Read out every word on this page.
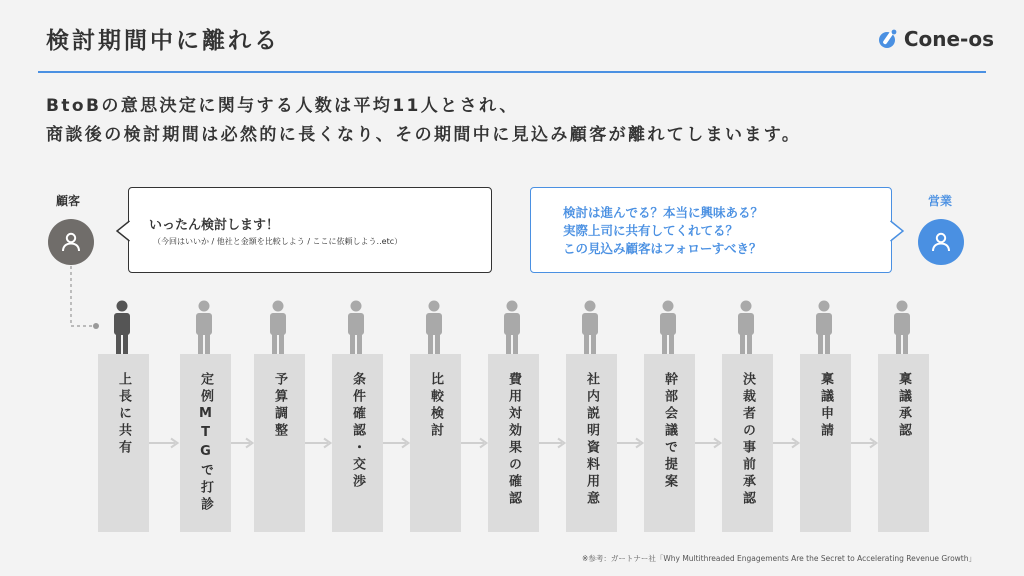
検討期間中に離れる	Cone-os
BtoBの意思決定に関与する人数は平均11人とされ、
商談後の検討期間は必然的に長くなり、その期間中に見込み顧客が離れてしまいます。
顧客
いったん検討します！
（今回はいいか / 他社と金額を比較しよう / ここに依頼しよう..etc）
営業
検討は進んでる？本当に興味ある？
実際上司に共有してくれてる？
この見込み顧客はフォローすべき？
上長に共有	定例MTGで打診	予算調整	条件確認・交渉	比較検討	費用対効果の確認	社内説明資料用意	幹部会議で提案	決裁者の事前承認	稟議申請	稟議承認
※参考：ガートナー社「Why Multithreaded Engagements Are the Secret to Accelerating Revenue Growth」
